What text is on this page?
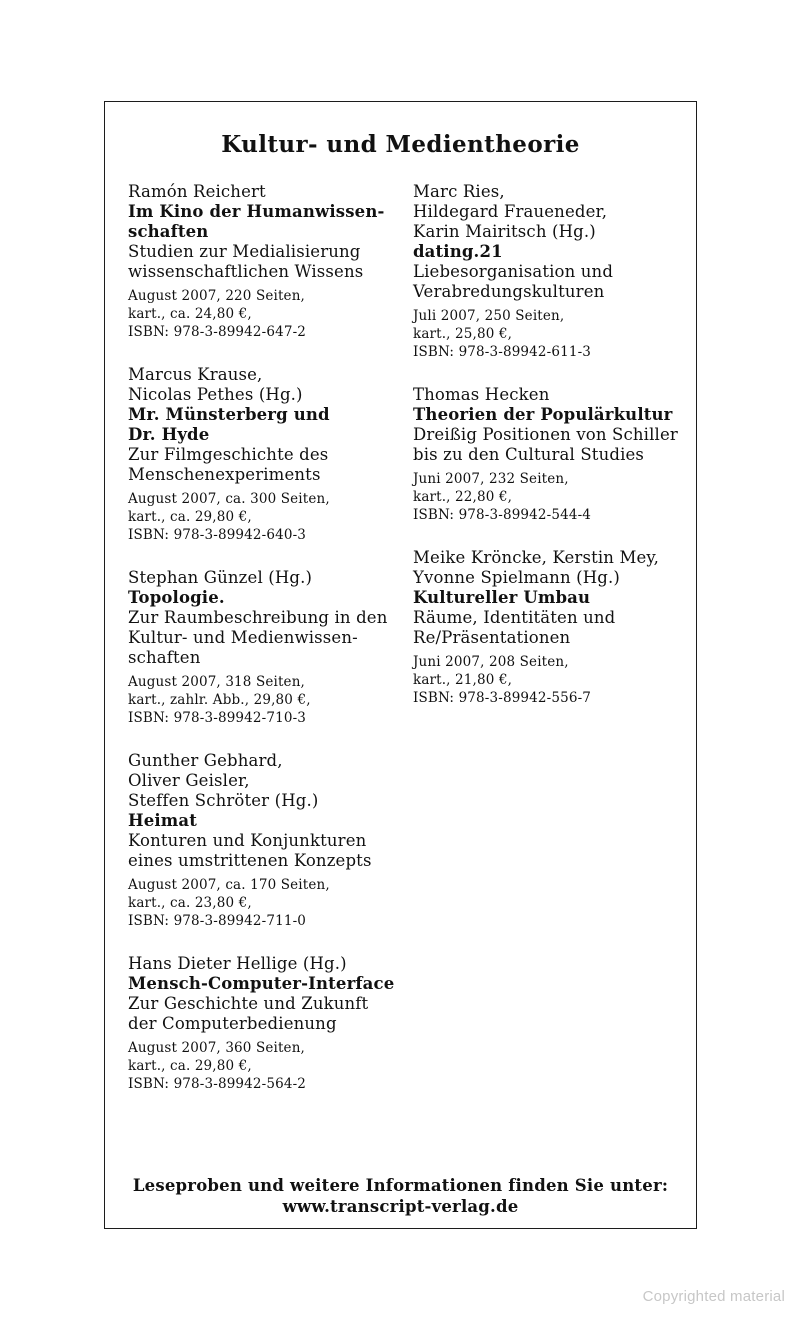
Kultur- und Medientheorie
Ramón Reichert
Im Kino der Humanwissen-
schaften
Studien zur Medialisierung
wissenschaftlichen Wissens
August 2007, 220 Seiten,
kart., ca. 24,80 €,
ISBN: 978-3-89942-647-2
Marcus Krause,
Nicolas Pethes (Hg.)
Mr. Münsterberg und
Dr. Hyde
Zur Filmgeschichte des
Menschenexperiments
August 2007, ca. 300 Seiten,
kart., ca. 29,80 €,
ISBN: 978-3-89942-640-3
Stephan Günzel (Hg.)
Topologie.
Zur Raumbeschreibung in den
Kultur- und Medienwissen-
schaften
August 2007, 318 Seiten,
kart., zahlr. Abb., 29,80 €,
ISBN: 978-3-89942-710-3
Gunther Gebhard,
Oliver Geisler,
Steffen Schröter (Hg.)
Heimat
Konturen und Konjunkturen
eines umstrittenen Konzepts
August 2007, ca. 170 Seiten,
kart., ca. 23,80 €,
ISBN: 978-3-89942-711-0
Hans Dieter Hellige (Hg.)
Mensch-Computer-Interface
Zur Geschichte und Zukunft
der Computerbedienung
August 2007, 360 Seiten,
kart., ca. 29,80 €,
ISBN: 978-3-89942-564-2
Marc Ries,
Hildegard Fraueneder,
Karin Mairitsch (Hg.)
dating.21
Liebesorganisation und
Verabredungskulturen
Juli 2007, 250 Seiten,
kart., 25,80 €,
ISBN: 978-3-89942-611-3
Thomas Hecken
Theorien der Populärkultur
Dreißig Positionen von Schiller
bis zu den Cultural Studies
Juni 2007, 232 Seiten,
kart., 22,80 €,
ISBN: 978-3-89942-544-4
Meike Kröncke, Kerstin Mey,
Yvonne Spielmann (Hg.)
Kultureller Umbau
Räume, Identitäten und
Re/Präsentationen
Juni 2007, 208 Seiten,
kart., 21,80 €,
ISBN: 978-3-89942-556-7
Leseproben und weitere Informationen finden Sie unter:
www.transcript-verlag.de
Copyrighted material
